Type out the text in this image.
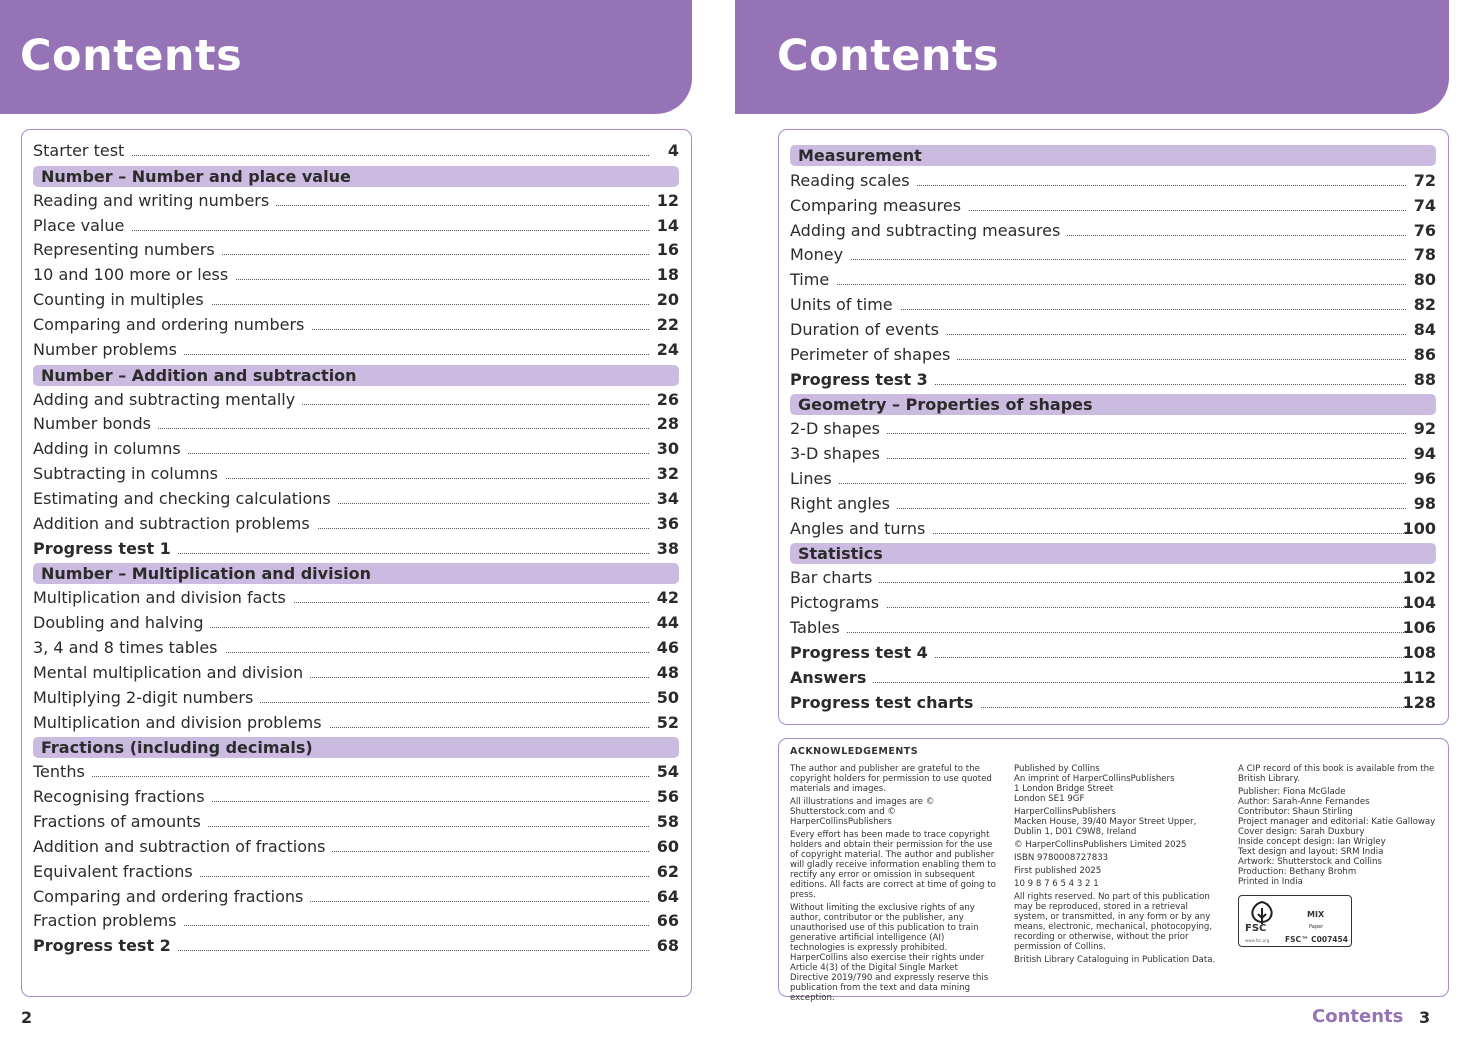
Contents	Contents
Starter test	4
Number – Number and place value
Reading and writing numbers	12
Place value	14
Representing numbers	16
10 and 100 more or less	18
Counting in multiples	20
Comparing and ordering numbers	22
Number problems	24
Number – Addition and subtraction
Adding and subtracting mentally	26
Number bonds	28
Adding in columns	30
Subtracting in columns	32
Estimating and checking calculations	34
Addition and subtraction problems	36
Progress test 1	38
Number – Multiplication and division
Multiplication and division facts	42
Doubling and halving	44
3, 4 and 8 times tables	46
Mental multiplication and division	48
Multiplying 2-digit numbers	50
Multiplication and division problems	52
Fractions (including decimals)
Tenths	54
Recognising fractions	56
Fractions of amounts	58
Addition and subtraction of fractions	60
Equivalent fractions	62
Comparing and ordering fractions	64
Fraction problems	66
Progress test 2	68
Measurement
Reading scales	72
Comparing measures	74
Adding and subtracting measures	76
Money	78
Time	80
Units of time	82
Duration of events	84
Perimeter of shapes	86
Progress test 3	88
Geometry – Properties of shapes
2-D shapes	92
3-D shapes	94
Lines	96
Right angles	98
Angles and turns	100
Statistics
Bar charts	102
Pictograms	104
Tables	106
Progress test 4	108
Answers	112
Progress test charts	128
ACKNOWLEDGEMENTS

The author and publisher are grateful to the copyright holders for permission to use quoted materials and images.

All illustrations and images are © Shutterstock.com and © HarperCollinsPublishers

Every effort has been made to trace copyright holders and obtain their permission for the use of copyright material. The author and publisher will gladly receive information enabling them to rectify any error or omission in subsequent editions. All facts are correct at time of going to press.

Without limiting the exclusive rights of any author, contributor or the publisher, any unauthorised use of this publication to train generative artificial intelligence (AI) technologies is expressly prohibited. HarperCollins also exercise their rights under Article 4(3) of the Digital Single Market Directive 2019/790 and expressly reserve this publication from the text and data mining exception.

Published by Collins
An imprint of HarperCollinsPublishers
1 London Bridge Street
London SE1 9GF

HarperCollinsPublishers
Macken House, 39/40 Mayor Street Upper,
Dublin 1, D01 C9W8, Ireland

© HarperCollinsPublishers Limited 2025

ISBN 9780008727833

First published 2025

10 9 8 7 6 5 4 3 2 1

All rights reserved. No part of this publication may be reproduced, stored in a retrieval system, or transmitted, in any form or by any means, electronic, mechanical, photocopying, recording or otherwise, without the prior permission of Collins.

British Library Cataloguing in Publication Data.

A CIP record of this book is available from the British Library.

Publisher: Fiona McGlade
Author: Sarah-Anne Fernandes
Contributor: Shaun Stirling
Project manager and editorial: Katie Galloway
Cover design: Sarah Duxbury
Inside concept design: Ian Wrigley
Text design and layout: SRM India
Artwork: Shutterstock and Collins
Production: Bethany Brohm
Printed in India

FSC
www.fsc.org
MIX
Paper
FSC™ C007454
2	Contents 3
